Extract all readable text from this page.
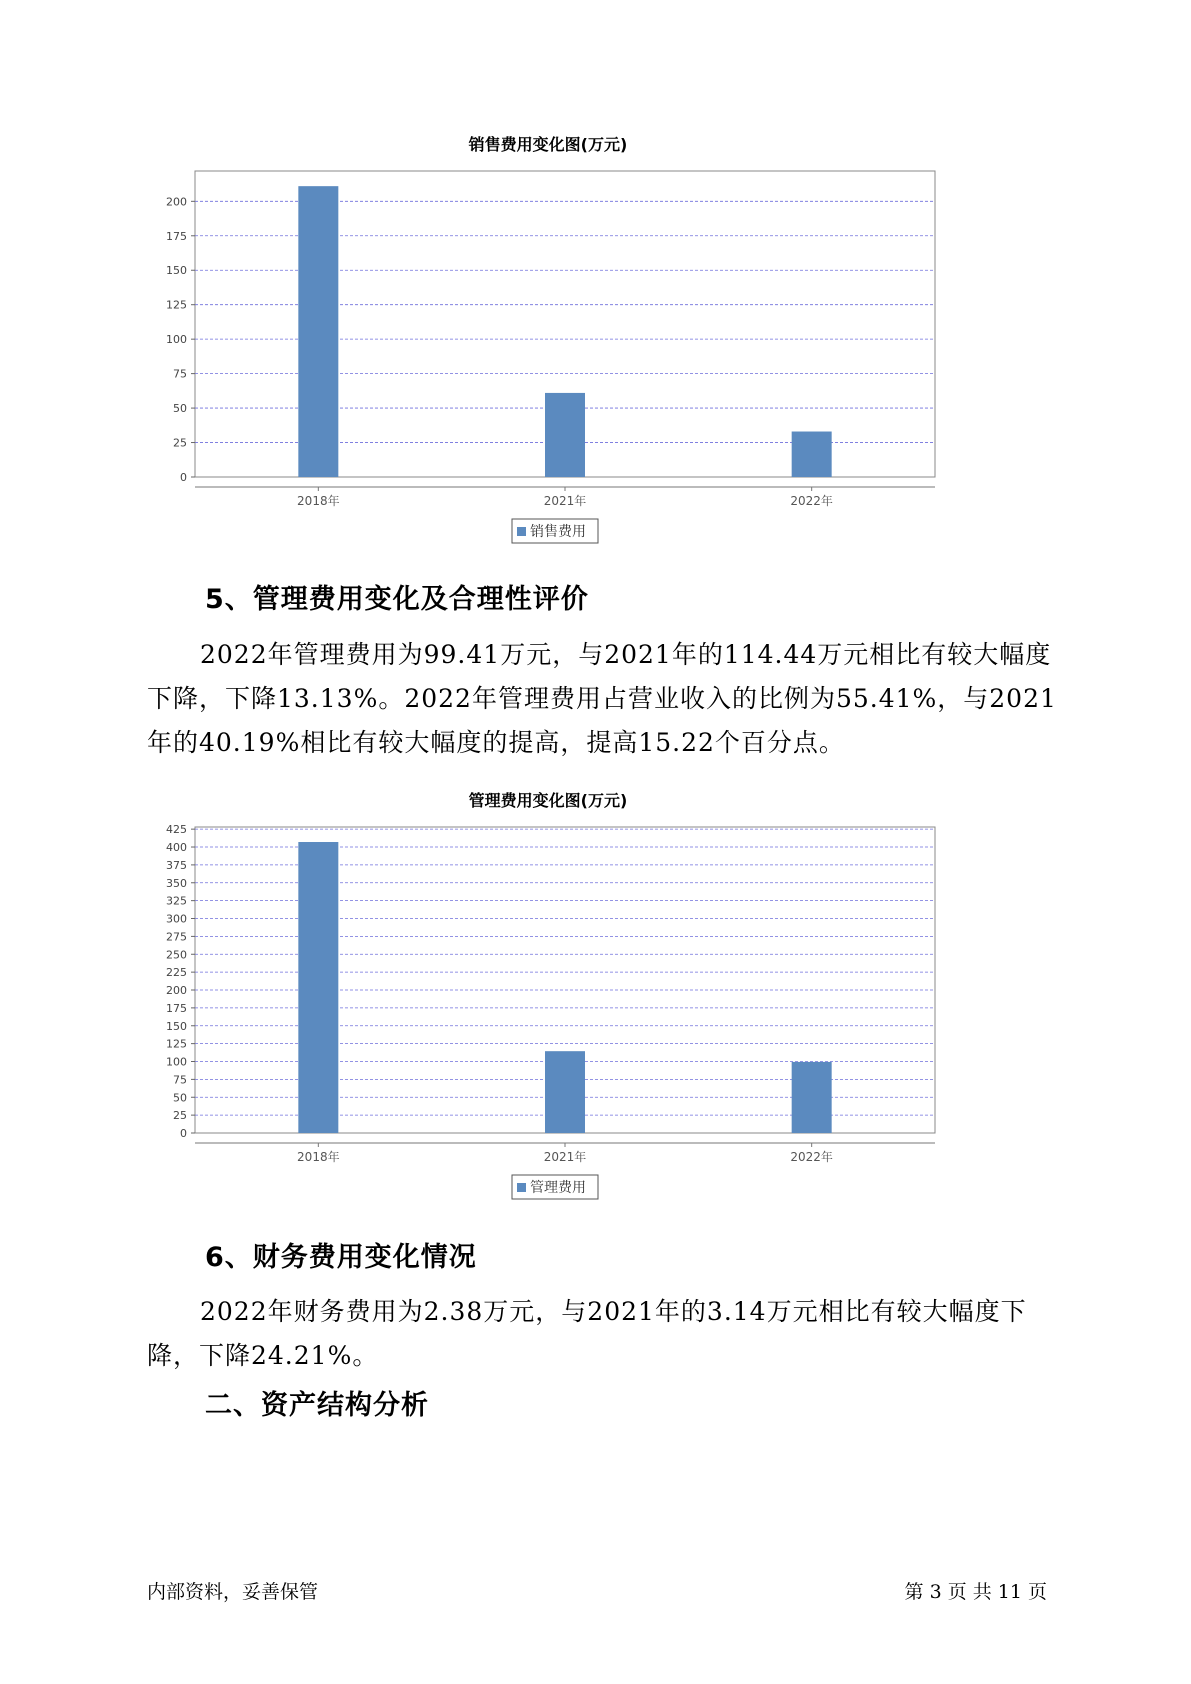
销售费用变化图(万元)
0
25
50
75
100
125
150
175
200
2018年	2021年	2022年
销售费用
5、管理费用变化及合理性评价

2022年管理费用为99.41万元，与2021年的114.44万元相比有较大幅度下降，下降13.13%。2022年管理费用占营业收入的比例为55.41%，与2021年的40.19%相比有较大幅度的提高，提高15.22个百分点。

管理费用变化图(万元)
0
25
50
75
100
125
150
175
200
225
250
275
300
325
350
375
400
425
2018年	2021年	2022年
管理费用
6、财务费用变化情况

2022年财务费用为2.38万元，与2021年的3.14万元相比有较大幅度下降，下降24.21%。

二、资产结构分析
内部资料，妥善保管	第 3 页 共 11 页
